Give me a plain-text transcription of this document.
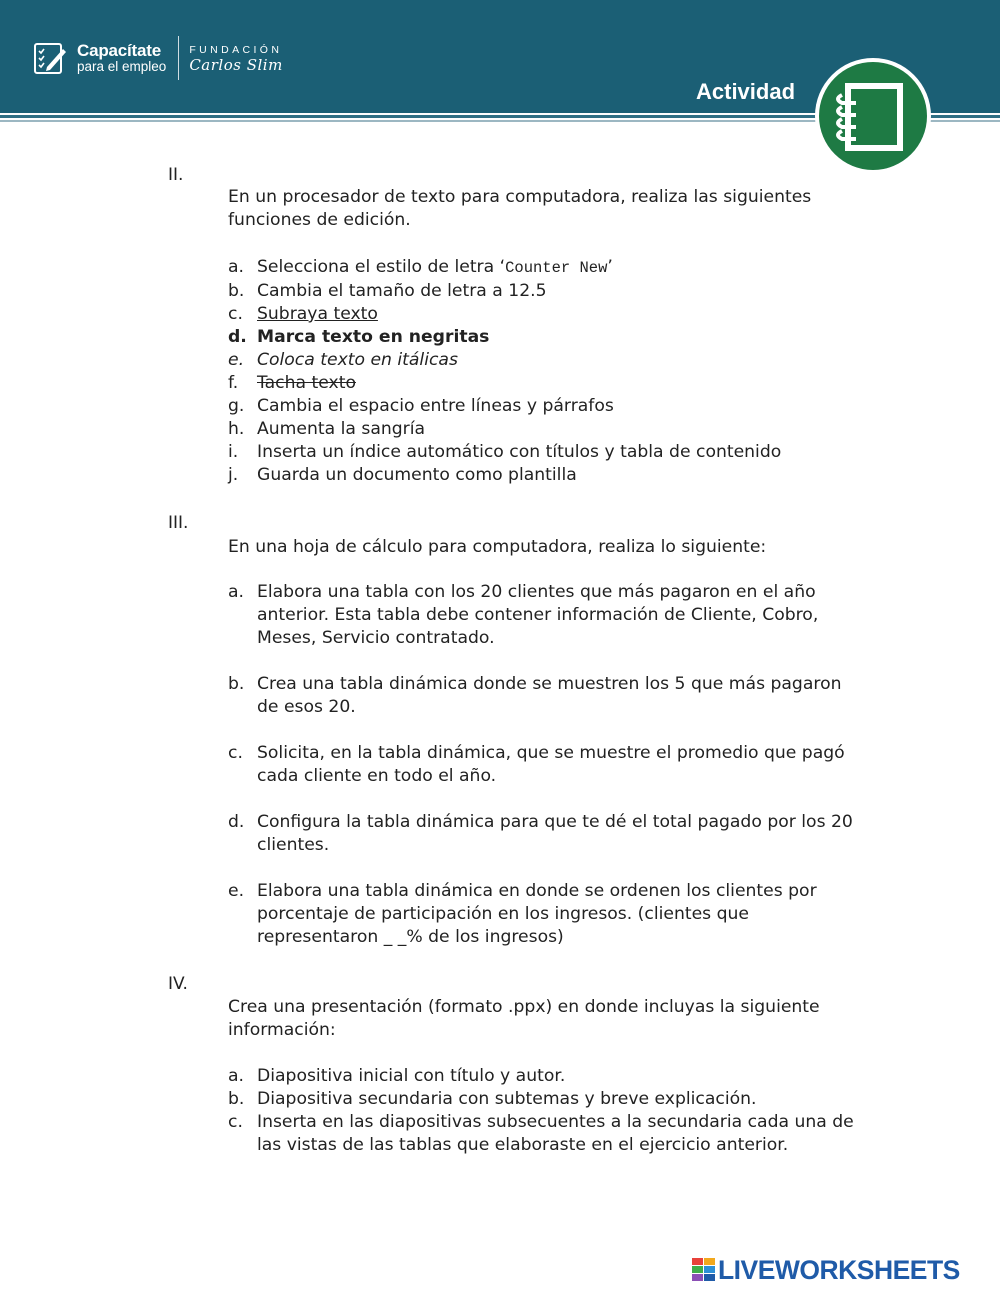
Capacítate
para el empleo
FUNDACIÓN
Carlos Slim
Actividad
II.
En un procesador de texto para computadora, realiza las siguientes funciones de edición.
a. Selecciona el estilo de letra ‘Counter New’
b. Cambia el tamaño de letra a 12.5
c. Subraya texto
d. Marca texto en negritas
e. Coloca texto en itálicas
f. Tacha texto
g. Cambia el espacio entre líneas y párrafos
h. Aumenta la sangría
i. Inserta un índice automático con títulos y tabla de contenido
j. Guarda un documento como plantilla
III.
En una hoja de cálculo para computadora, realiza lo siguiente:
a. Elabora una tabla con los 20 clientes que más pagaron en el año anterior. Esta tabla debe contener información de Cliente, Cobro, Meses, Servicio contratado.
b. Crea una tabla dinámica donde se muestren los 5 que más pagaron de esos 20.
c. Solicita, en la tabla dinámica, que se muestre el promedio que pagó cada cliente en todo el año.
d. Configura la tabla dinámica para que te dé el total pagado por los 20 clientes.
e. Elabora una tabla dinámica en donde se ordenen los clientes por porcentaje de participación en los ingresos. (clientes que representaron _ _% de los ingresos)
IV.
Crea una presentación (formato .ppx) en donde incluyas la siguiente información:
a. Diapositiva inicial con título y autor.
b. Diapositiva secundaria con subtemas y breve explicación.
c. Inserta en las diapositivas subsecuentes a la secundaria cada una de las vistas de las tablas que elaboraste en el ejercicio anterior.
LIVEWORKSHEETS
